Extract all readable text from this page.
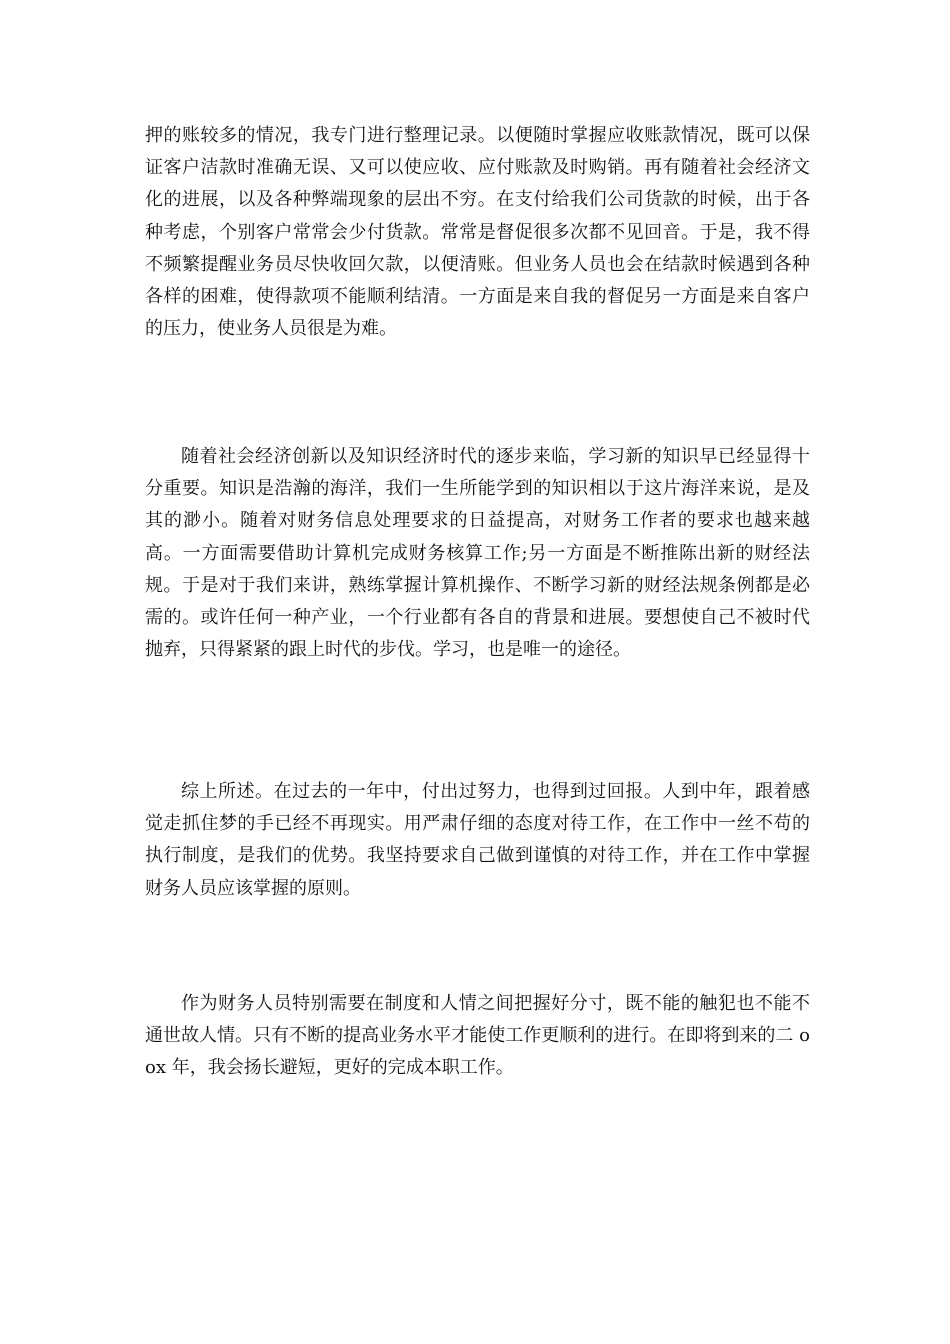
押的账较多的情况，我专门进行整理记录。以便随时掌握应收账款情况，既可以保证客户洁款时准确无误、又可以使应收、应付账款及时购销。再有随着社会经济文化的进展，以及各种弊端现象的层出不穷。在支付给我们公司货款的时候，出于各种考虑，个别客户常常会少付货款。常常是督促很多次都不见回音。于是，我不得不频繁提醒业务员尽快收回欠款，以便清账。但业务人员也会在结款时候遇到各种各样的困难，使得款项不能顺利结清。一方面是来自我的督促另一方面是来自客户的压力，使业务人员很是为难。

随着社会经济创新以及知识经济时代的逐步来临，学习新的知识早已经显得十分重要。知识是浩瀚的海洋，我们一生所能学到的知识相以于这片海洋来说，是及其的渺小。随着对财务信息处理要求的日益提高，对财务工作者的要求也越来越高。一方面需要借助计算机完成财务核算工作;另一方面是不断推陈出新的财经法规。于是对于我们来讲，熟练掌握计算机操作、不断学习新的财经法规条例都是必需的。或许任何一种产业，一个行业都有各自的背景和进展。要想使自己不被时代抛弃，只得紧紧的跟上时代的步伐。学习，也是唯一的途径。

综上所述。在过去的一年中，付出过努力，也得到过回报。人到中年，跟着感觉走抓住梦的手已经不再现实。用严肃仔细的态度对待工作，在工作中一丝不苟的执行制度，是我们的优势。我坚持要求自己做到谨慎的对待工作，并在工作中掌握财务人员应该掌握的原则。

作为财务人员特别需要在制度和人情之间把握好分寸，既不能的触犯也不能不通世故人情。只有不断的提高业务水平才能使工作更顺利的进行。在即将到来的二 oox 年，我会扬长避短，更好的完成本职工作。
